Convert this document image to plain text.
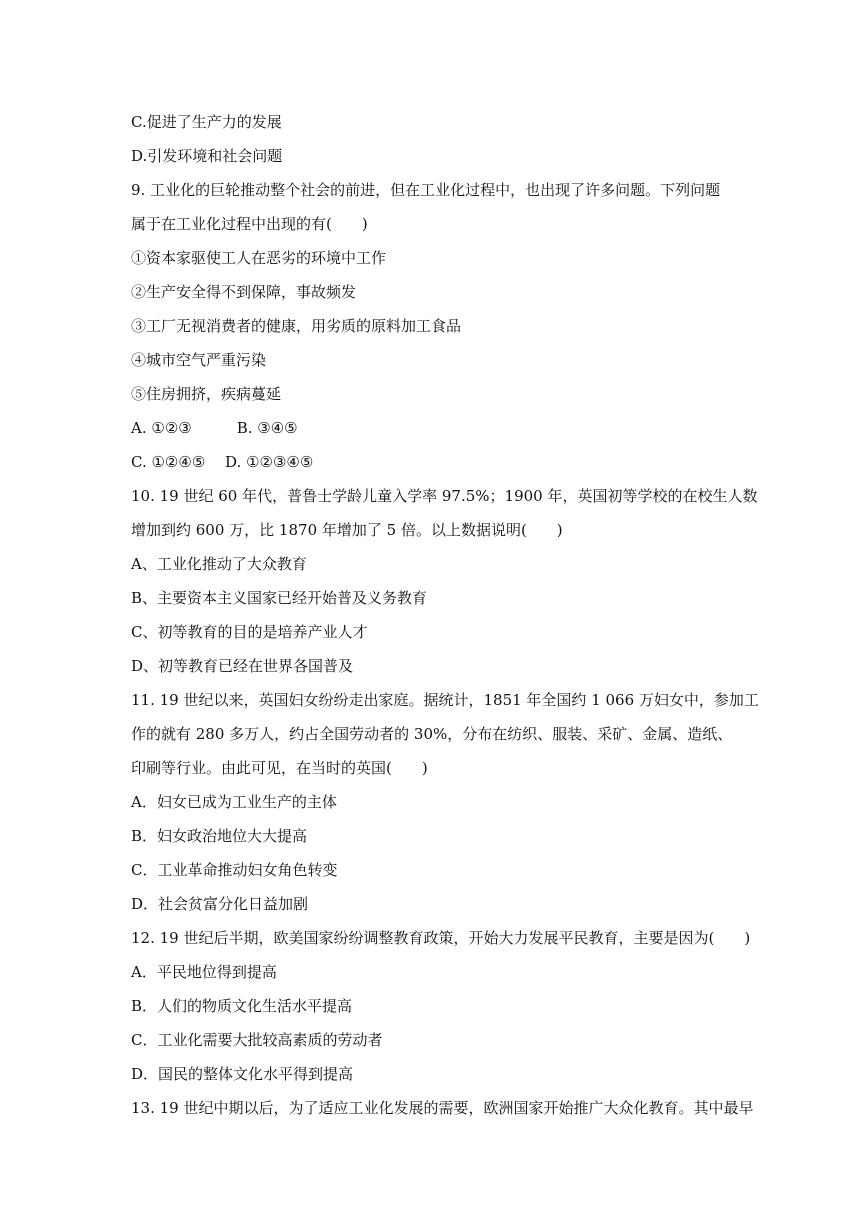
C.促进了生产力的发展
D.引发环境和社会问题
9. 工业化的巨轮推动整个社会的前进，但在工业化过程中，也出现了许多问题。下列问题
属于在工业化过程中出现的有(　　)
①资本家驱使工人在恶劣的环境中工作
②生产安全得不到保障，事故频发
③工厂无视消费者的健康，用劣质的原料加工食品
④城市空气严重污染
⑤住房拥挤，疾病蔓延
A. ①②③　　　B. ③④⑤
C. ①②④⑤　 D. ①②③④⑤
10. 19 世纪 60 年代，普鲁士学龄儿童入学率 97.5%；1900 年，英国初等学校的在校生人数
增加到约 600 万，比 1870 年增加了 5 倍。以上数据说明(　　)
A、工业化推动了大众教育
B、主要资本主义国家已经开始普及义务教育
C、初等教育的目的是培养产业人才
D、初等教育已经在世界各国普及
11. 19 世纪以来，英国妇女纷纷走出家庭。据统计，1851 年全国约 1 066 万妇女中，参加工
作的就有 280 多万人，约占全国劳动者的 30%，分布在纺织、服装、采矿、金属、造纸、
印刷等行业。由此可见，在当时的英国(　　)
A．妇女已成为工业生产的主体
B．妇女政治地位大大提高
C．工业革命推动妇女角色转变
D．社会贫富分化日益加剧
12. 19 世纪后半期，欧美国家纷纷调整教育政策，开始大力发展平民教育，主要是因为(　　)
A．平民地位得到提高
B．人们的物质文化生活水平提高
C．工业化需要大批较高素质的劳动者
D．国民的整体文化水平得到提高
13. 19 世纪中期以后，为了适应工业化发展的需要，欧洲国家开始推广大众化教育。其中最早
